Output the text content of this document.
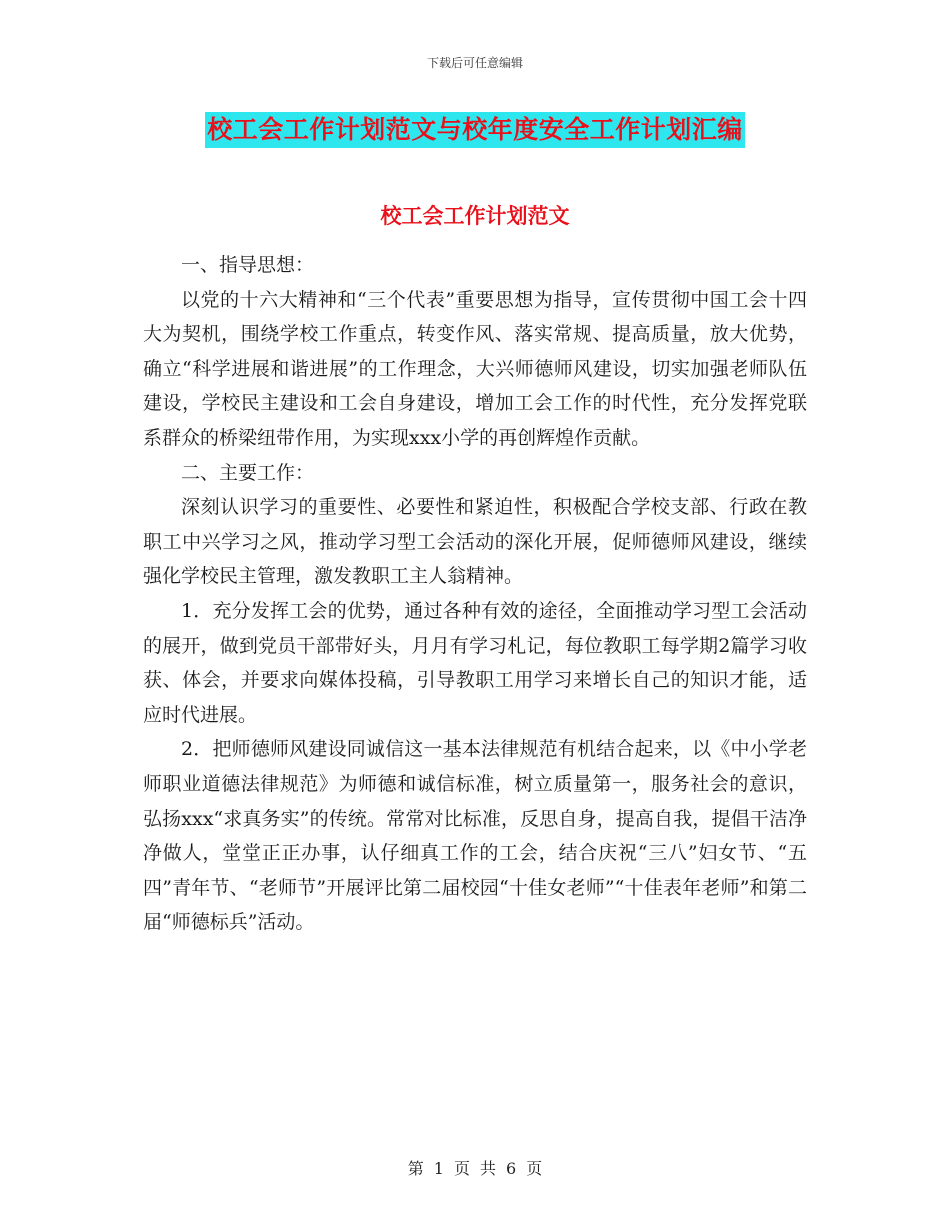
下载后可任意编辑
校工会工作计划范文与校年度安全工作计划汇编
校工会工作计划范文

一、指导思想：

以党的十六大精神和“三个代表”重要思想为指导，宣传贯彻中国工会十四大为契机，围绕学校工作重点，转变作风、落实常规、提高质量，放大优势，确立“科学进展和谐进展”的工作理念，大兴师德师风建设，切实加强老师队伍建设，学校民主建设和工会自身建设，增加工会工作的时代性，充分发挥党联系群众的桥梁纽带作用，为实现xxx小学的再创辉煌作贡献。

二、主要工作：

深刻认识学习的重要性、必要性和紧迫性，积极配合学校支部、行政在教职工中兴学习之风，推动学习型工会活动的深化开展，促师德师风建设，继续强化学校民主管理，激发教职工主人翁精神。

1．充分发挥工会的优势，通过各种有效的途径，全面推动学习型工会活动的展开，做到党员干部带好头，月月有学习札记，每位教职工每学期2篇学习收获、体会，并要求向媒体投稿，引导教职工用学习来增长自己的知识才能，适应时代进展。

2．把师德师风建设同诚信这一基本法律规范有机结合起来，以《中小学老师职业道德法律规范》为师德和诚信标准，树立质量第一，服务社会的意识，弘扬xxx“求真务实”的传统。常常对比标准，反思自身，提高自我，提倡干洁净净做人，堂堂正正办事，认仔细真工作的工会，结合庆祝“三八”妇女节、“五四”青年节、“老师节”开展评比第二届校园“十佳女老师”“十佳表年老师”和第二届“师德标兵”活动。

第 1 页 共 6 页
